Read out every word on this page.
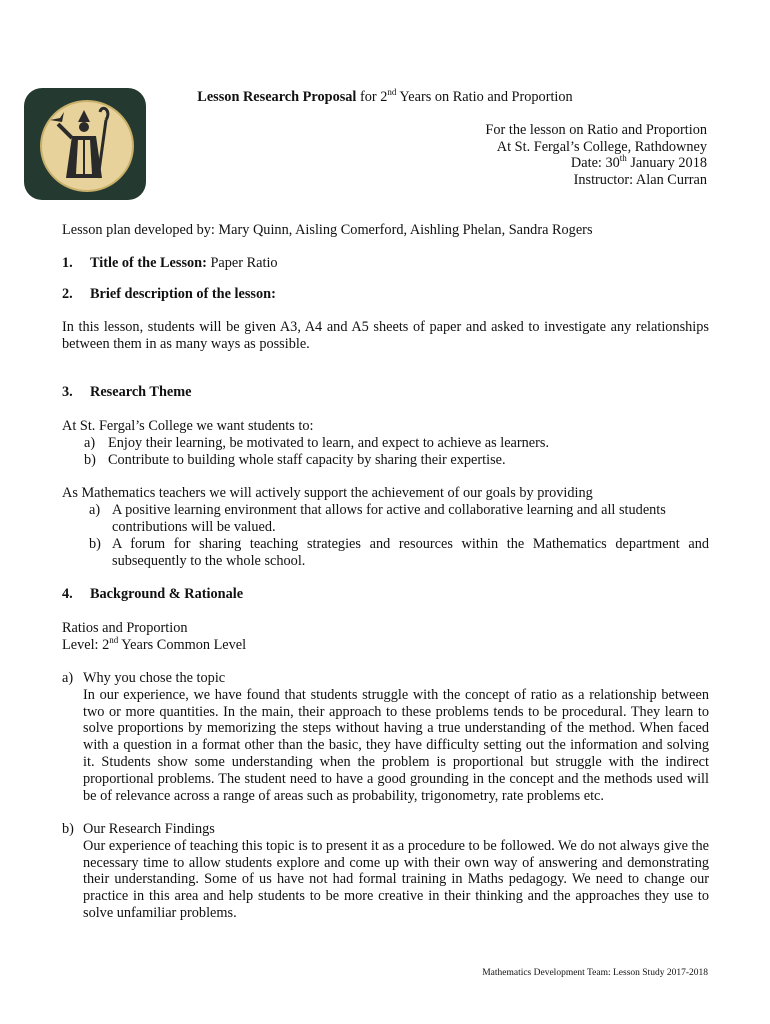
Lesson Research Proposal for 2nd Years on Ratio and Proportion
For the lesson on Ratio and Proportion
At St. Fergal’s College, Rathdowney
Date: 30th January 2018
Instructor: Alan Curran
Lesson plan developed by: Mary Quinn, Aisling Comerford, Aishling Phelan, Sandra Rogers
1. Title of the Lesson: Paper Ratio
2. Brief description of the lesson:
In this lesson, students will be given A3, A4 and A5 sheets of paper and asked to investigate any relationships between them in as many ways as possible.
3. Research Theme
At St. Fergal’s College we want students to:
a) Enjoy their learning, be motivated to learn, and expect to achieve as learners.
b) Contribute to building whole staff capacity by sharing their expertise.
As Mathematics teachers we will actively support the achievement of our goals by providing
a) A positive learning environment that allows for active and collaborative learning and all students contributions will be valued.
b) A forum for sharing teaching strategies and resources within the Mathematics department and subsequently to the whole school.
4. Background & Rationale
Ratios and Proportion
Level: 2nd Years Common Level
a) Why you chose the topic
In our experience, we have found that students struggle with the concept of ratio as a relationship between two or more quantities. In the main, their approach to these problems tends to be procedural. They learn to solve proportions by memorizing the steps without having a true understanding of the method. When faced with a question in a format other than the basic, they have difficulty setting out the information and solving it. Students show some understanding when the problem is proportional but struggle with the indirect proportional problems. The student need to have a good grounding in the concept and the methods used will be of relevance across a range of areas such as probability, trigonometry, rate problems etc.
b) Our Research Findings
Our experience of teaching this topic is to present it as a procedure to be followed. We do not always give the necessary time to allow students explore and come up with their own way of answering and demonstrating their understanding. Some of us have not had formal training in Maths pedagogy. We need to change our practice in this area and help students to be more creative in their thinking and the approaches they use to solve unfamiliar problems.
Mathematics Development Team: Lesson Study 2017-2018
